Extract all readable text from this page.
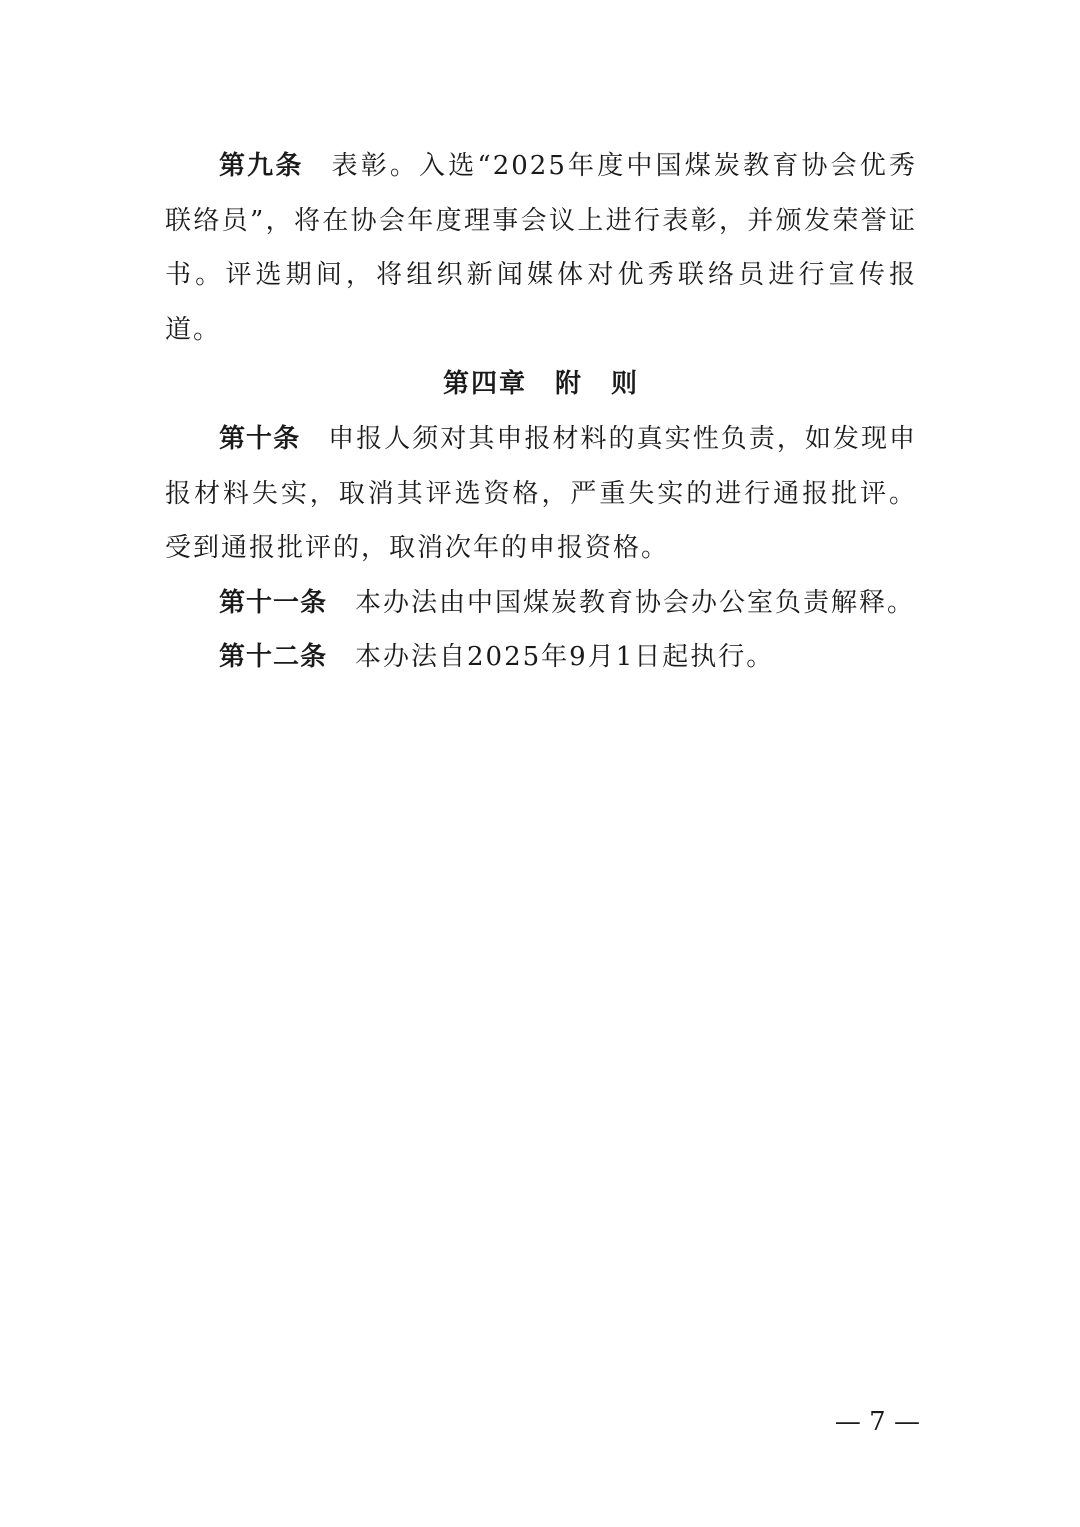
第九条 表彰。入选“2025年度中国煤炭教育协会优秀联络员”，将在协会年度理事会议上进行表彰，并颁发荣誉证书。评选期间，将组织新闻媒体对优秀联络员进行宣传报道。

第四章　附　则

第十条 申报人须对其申报材料的真实性负责，如发现申报材料失实，取消其评选资格，严重失实的进行通报批评。受到通报批评的，取消次年的申报资格。

第十一条 本办法由中国煤炭教育协会办公室负责解释。

第十二条 本办法自2025年9月1日起执行。

— 7 —
